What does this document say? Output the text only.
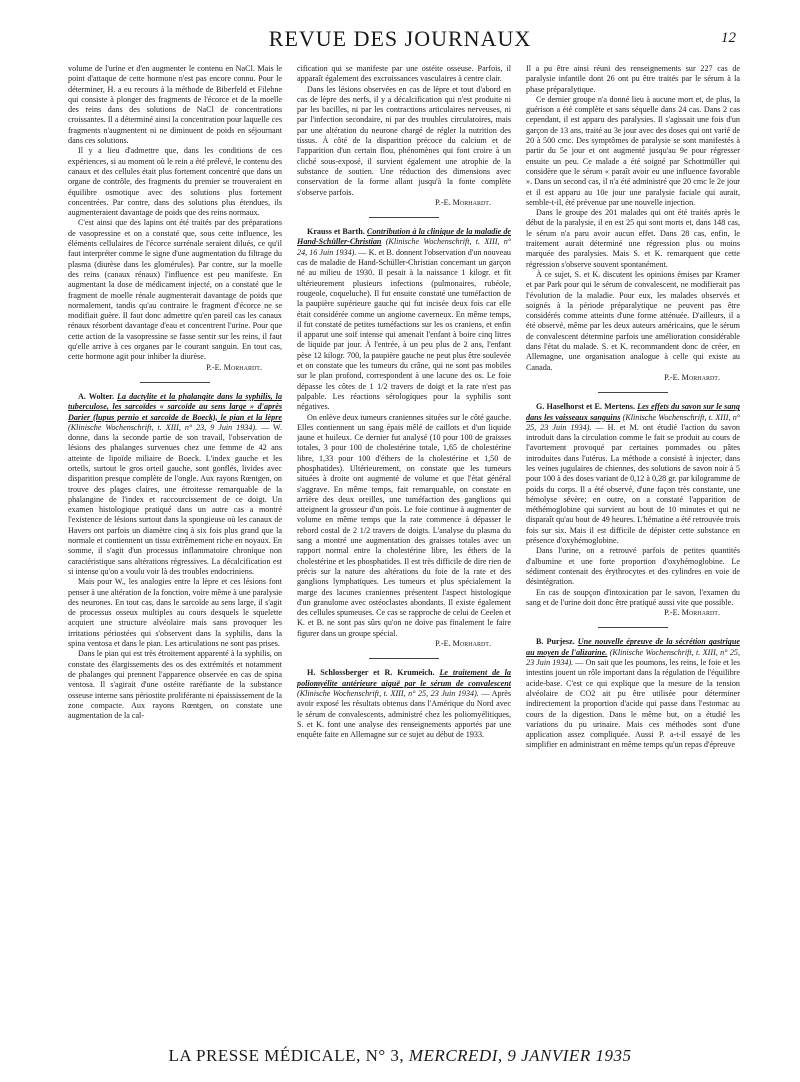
REVUE DES JOURNAUX	12

volume de l'urine et d'en augmenter le contenu en NaCl. Mais le point d'attaque de cette hormone n'est pas encore connu. Pour le déterminer, H. a eu recours à la méthode de Biberfeld et Filehne qui consiste à plonger des fragments de l'écorce et de la moelle des reins dans des solutions de NaCl de concentrations croissantes. Il a déterminé ainsi la concentration pour laquelle ces fragments n'augmentent ni ne diminuent de poids en séjournant dans ces solutions.

Il y a lieu d'admettre que, dans les conditions de ces expériences, si au moment où le rein a été prélevé, le contenu des canaux et des cellules était plus fortement concentré que dans un organe de contrôle, des fragments du premier se trouveraient en équilibre osmotique avec des solutions plus fortement concentrées. Par contre, dans des solutions plus étendues, ils augmenteraient davantage de poids que des reins normaux.

C'est ainsi que des lapins ont été traités par des préparations de vasopressine et on a constaté que, sous cette influence, les éléments cellulaires de l'écorce surrénale seraient dilués, ce qu'il faut interpréter comme le signe d'une augmentation du filtrage du plasma (diurèse dans les glomérules). Par contre, sur la moelle des reins (canaux rénaux) l'influence est peu manifeste. En augmentant la dose de médicament injecté, on a constaté que le fragment de moelle rénale augmenterait davantage de poids que normalement, tandis qu'au contraire le fragment d'écorce ne se modifiait guère. Il faut donc admettre qu'en pareil cas les canaux rénaux résorbent davantage d'eau et concentrent l'urine. Pour que cette action de la vasopressine se fasse sentir sur les reins, il faut qu'elle arrive à ces organes par le courant sanguin. En tout cas, cette hormone agit pour inhiber la diurèse.

P.-E. Morhardt.

A. Wolter. La dactylite et la phalangite dans la syphilis, la tuberculose, les sarcoïdes « sarcoïde au sens large » d'après Darier (lupus pernio et sarcoïde de Boeck), le pian et la lèpre (Klinische Wochenschrift, t. XIII, n° 23, 9 Juin 1934). — W. donne, dans la seconde partie de son travail, l'observation de lésions des phalanges survenues chez une femme de 42 ans atteinte de lipoïde miliaire de Boeck. L'index gauche et les orteils, surtout le gros orteil gauche, sont gonflés, livides avec disparition presque complète de l'ongle. Aux rayons Rœntgen, on trouve des plages claires, une étroitesse remarquable de la phalangine de l'index et raccourcissement de ce doigt. Un examen histologique pratiqué dans un autre cas a montré l'existence de lésions surtout dans la spongieuse où les canaux de Havers ont parfois un diamètre cinq à six fois plus grand que la normale et contiennent un tissu extrêmement riche en noyaux. En somme, il s'agit d'un processus inflammatoire chronique non caractéristique sans altérations régressives. La décalcification est si intense qu'on a voulu voir là des troubles endocriniens.

Mais pour W., les analogies entre la lèpre et ces lésions font penser à une altération de la fonction, voire même à une paralysie des neurones. En tout cas, dans le sarcoïde au sens large, il s'agit de processus osseux multiples au cours desquels le squelette acquiert une structure alvéolaire mais sans provoquer les irritations périostées qui s'observent dans la syphilis, dans la spina ventosa et dans le pian. Les articulations ne sont pas prises.

Dans le pian qui est très étroitement apparenté à la syphilis, on constate des élargissements des os des extrémités et notamment de phalanges qui prennent l'apparence observée en cas de spina ventosa. Il s'agirait d'une ostéite raréfiante de la substance osseuse interne sans périostite proliférante ni épaississement de la zone compacte. Aux rayons Rœntgen, on constate une augmentation de la cal-

cification qui se manifeste par une ostéite osseuse. Parfois, il apparaît également des excroissances vasculaires à centre clair.

Dans les lésions observées en cas de lèpre et tout d'abord en cas de lèpre des nerfs, il y a décalcification qui n'est produite ni par les bacilles, ni par les contractions articulaires nerveuses, ni par l'infection secondaire, ni par des troubles circulatoires, mais par une altération du neurone chargé de régler la nutrition des tissus. À côté de la disparition précoce du calcium et de l'apparition d'un certain flou, phénomènes qui font croire à un cliché sous-exposé, il survient également une atrophie de la substance de soutien. Une réduction des dimensions avec conservation de la forme allant jusqu'à la fonte complète s'observe parfois.

P.-E. Morhardt.

Krauss et Barth. Contribution à la clinique de la maladie de Hand-Schüller-Christian (Klinische Wochenschrift, t. XIII, n° 24, 16 Juin 1934). — K. et B. donnent l'observation d'un nouveau cas de maladie de Hand-Schüller-Christian concernant un garçon né au milieu de 1930. Il pesait à la naissance 1 kilogr. et fit ultérieurement plusieurs infections (pulmonaires, rubéole, rougeole, coqueluche). Il fut ensuite constaté une tuméfaction de la paupière supérieure gauche qui fut incisée deux fois car elle était considérée comme un angiome caverneux. En même temps, il fut constaté de petites tuméfactions sur les os craniens, et enfin il apparut une soif intense qui amenait l'enfant à boire cinq litres de liquide par jour. À l'entrée, à un peu plus de 2 ans, l'enfant pèse 12 kilogr. 700, la paupière gauche ne peut plus être soulevée et on constate que les tumeurs du crâne, qui ne sont pas mobiles sur le plan profond, correspondent à une lacune des os. Le foie dépasse les côtes de 1 1/2 travers de doigt et la rate n'est pas palpable. Les réactions sérologiques pour la syphilis sont négatives.

On enlève deux tumeurs craniennes situées sur le côté gauche. Elles contiennent un sang épais mêlé de caillots et d'un liquide jaune et huileux. Ce dernier fut analysé (10 pour 100 de graisses totales, 3 pour 100 de cholestérine totale, 1,65 de cholestérine libre, 1,33 pour 100 d'éthers de la cholestérine et 1,50 de phosphatides). Ultérieurement, on constate que les tumeurs situées à droite ont augmenté de volume et que l'état général s'aggrave. En même temps, fait remarquable, on constate en arrière des deux oreilles, une tuméfaction des ganglions qui atteignent la grosseur d'un pois. Le foie continue à augmenter de volume en même temps que la rate commence à dépasser le rebord costal de 2 1/2 travers de doigts. L'analyse du plasma du sang a montré une augmentation des graisses totales avec un rapport normal entre la cholestérine libre, les éthers de la cholestérine et les phosphatides. Il est très difficile de dire rien de précis sur la nature des altérations du foie de la rate et des ganglions lymphatiques. Les tumeurs et plus spécialement la marge des lacunes craniennes présentent l'aspect histologique d'un granulome avec ostéoclastes abondants. Il existe également des cellules spumeuses. Ce cas se rapproche de celui de Ceelen et K. et B. ne sont pas sûrs qu'on ne doive pas finalement le faire figurer dans un groupe spécial.

P.-E. Morhardt.

H. Schlossberger et R. Krumeich. Le traitement de la poliomyélite antérieure aiguë par le sérum de convalescent (Klinische Wochenschrift, t. XIII, n° 25, 23 Juin 1934). — Après avoir exposé les résultats obtenus dans l'Amérique du Nord avec le sérum de convalescents, administré chez les poliomyélitiques, S. et K. font une analyse des renseignements apportés par une enquête faite en Allemagne sur ce sujet au début de 1933.

Il a pu être ainsi réuni des renseignements sur 227 cas de paralysie infantile dont 26 ont pu être traités par le sérum à la phase préparalytique.

Ce dernier groupe n'a donné lieu à aucune mort et, de plus, la guérison a été complète et sans séquelle dans 24 cas. Dans 2 cas cependant, il est apparu des paralysies. Il s'agissait une fois d'un garçon de 13 ans, traité au 3e jour avec des doses qui ont varié de 20 à 500 cmc. Des symptômes de paralysie se sont manifestés à partir du 5e jour et ont augmenté jusqu'au 9e pour régresser ensuite un peu. Ce malade a été soigné par Schottmüller qui considère que le sérum « paraît avoir eu une influence favorable ». Dans un second cas, il n'a été administré que 20 cmc le 2e jour et il est apparu au 10e jour une paralysie faciale qui aurait, semble-t-il, été prévenue par une nouvelle injection.

Dans le groupe des 201 malades qui ont été traités après le début de la paralysie, il en est 25 qui sont morts et, dans 148 cas, le sérum n'a paru avoir aucun effet. Dans 28 cas, enfin, le traitement aurait déterminé une régression plus ou moins marquée des paralysies. Mais S. et K. remarquent que cette régression s'observe souvent spontanément.

À ce sujet, S. et K. discutent les opinions émises par Kramer et par Park pour qui le sérum de convalescent, ne modifierait pas l'évolution de la maladie. Pour eux, les malades observés et soignés à la période préparalytique ne peuvent pas être considérés comme atteints d'une forme atténuée. D'ailleurs, il a été observé, même par les deux auteurs américains, que le sérum de convalescent détermine parfois une amélioration considérable dans l'état du malade. S. et K. recommandent donc de créer, en Allemagne, une organisation analogue à celle qui existe au Canada.

P.-E. Morhardt.

G. Haselhorst et E. Mertens. Les effets du savon sur le sang dans les vaisseaux sanguins (Klinische Wochenschrift, t. XIII, n° 25, 23 Juin 1934). — H. et M. ont étudié l'action du savon introduit dans la circulation comme le fait se produit au cours de l'avortement provoqué par certaines pommades ou pâtes introduites dans l'utérus. La méthode a consisté à injecter, dans les veines jugulaires de chiennes, des solutions de savon noir à 5 pour 100 à des doses variant de 0,12 à 0,28 gr. par kilogramme de poids du corps. Il a été observé, d'une façon très constante, une hémolyse sévère; en outre, on a constaté l'apparition de méthémoglobine qui survient au bout de 10 minutes et qui ne disparaît qu'au bout de 49 heures. L'hématine a été retrouvée trois fois sur six. Mais il est difficile de dépister cette substance en présence d'oxyhémoglobine.

Dans l'urine, on a retrouvé parfois de petites quantités d'albumine et une forte proportion d'oxyhémoglobine. Le sédiment contenait des érythrocytes et des cylindres en voie de désintégration.

En cas de soupçon d'intoxication par le savon, l'examen du sang et de l'urine doit donc être pratiqué aussi vite que possible.

P.-E. Morhardt.

B. Purjesz. Une nouvelle épreuve de la sécrétion gastrique au moyen de l'alizarine. (Klinische Wochenschrift, t. XIII, n° 25, 23 Juin 1934). — On sait que les poumons, les reins, le foie et les intestins jouent un rôle important dans la régulation de l'équilibre acide-base. C'est ce qui explique que la mesure de la tension alvéolaire de CO2 ait pu être utilisée pour déterminer indirectement la proportion d'acide qui passe dans l'estomac au cours de la digestion. Dans le même but, on a étudié les variations du pu urinaire. Mais ces méthodes sont d'une application assez compliquée. Aussi P. a-t-il essayé de les simplifier en administrant en même temps qu'un repas d'épreuve

LA PRESSE MÉDICALE, N° 3, MERCREDI, 9 JANVIER 1935
